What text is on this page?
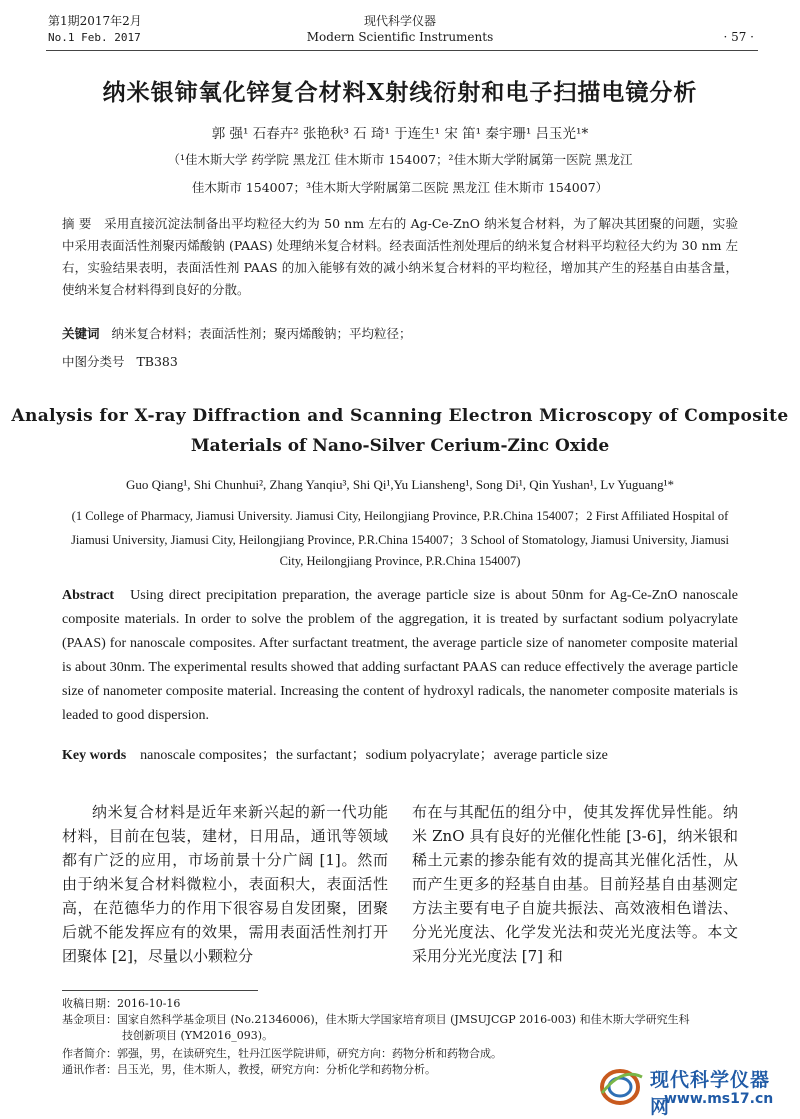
第1期2017年2月
No.1 Feb. 2017
现代科学仪器
Modern Scientific Instruments	· 57 ·
纳米银铈氧化锌复合材料X射线衍射和电子扫描电镜分析
郭 强¹ 石春卉² 张艳秋³ 石 琦¹ 于连生¹ 宋 笛¹ 秦宇珊¹ 吕玉光¹*
（¹佳木斯大学 药学院 黑龙江 佳木斯市 154007；²佳木斯大学附属第一医院 黑龙江
佳木斯市 154007；³佳木斯大学附属第二医院 黑龙江 佳木斯市 154007）
摘 要 采用直接沉淀法制备出平均粒径大约为 50 nm 左右的 Ag-Ce-ZnO 纳米复合材料，为了解决其团聚的问题，实验中采用表面活性剂聚丙烯酸钠 (PAAS) 处理纳米复合材料。经表面活性剂处理后的纳米复合材料平均粒径大约为 30 nm 左右，实验结果表明，表面活性剂 PAAS 的加入能够有效的减小纳米复合材料的平均粒径，增加其产生的羟基自由基含量，使纳米复合材料得到良好的分散。
关键词 纳米复合材料；表面活性剂；聚丙烯酸钠；平均粒径；
中图分类号 TB383
Analysis for X-ray Diffraction and Scanning Electron Microscopy of Composite
Materials of Nano-Silver Cerium-Zinc Oxide
Guo Qiang¹, Shi Chunhui², Zhang Yanqiu³, Shi Qi¹,Yu Liansheng¹, Song Di¹, Qin Yushan¹, Lv Yuguang¹*
(1 College of Pharmacy, Jiamusi University. Jiamusi City, Heilongjiang Province, P.R.China 154007；2 First Affiliated Hospital of
Jiamusi University, Jiamusi City, Heilongjiang Province, P.R.China 154007；3 School of Stomatology, Jiamusi University, Jiamusi
City, Heilongjiang Province, P.R.China 154007)
Abstract Using direct precipitation preparation, the average particle size is about 50nm for Ag-Ce-ZnO nanoscale composite materials. In order to solve the problem of the aggregation, it is treated by surfactant sodium polyacrylate (PAAS) for nanoscale composites. After surfactant treatment, the average particle size of nanometer composite material is about 30nm. The experimental results showed that adding surfactant PAAS can reduce effectively the average particle size of nanometer composite material. Increasing the content of hydroxyl radicals, the nanometer composite materials is leaded to good dispersion.
Key words nanoscale composites；the surfactant；sodium polyacrylate；average particle size
纳米复合材料是近年来新兴起的新一代功能材料，目前在包装，建材，日用品，通讯等领域都有广泛的应用，市场前景十分广阔 [1]。然而由于纳米复合材料微粒小，表面积大，表面活性高，在范德华力的作用下很容易自发团聚，团聚后就不能发挥应有的效果，需用表面活性剂打开团聚体 [2]，尽量以小颗粒分
布在与其配伍的组分中，使其发挥优异性能。纳米 ZnO 具有良好的光催化性能 [3-6]，纳米银和稀土元素的掺杂能有效的提高其光催化活性，从而产生更多的羟基自由基。目前羟基自由基测定方法主要有电子自旋共振法、高效液相色谱法、分光光度法、化学发光法和荧光光度法等。本文采用分光光度法 [7] 和
收稿日期：2016-10-16
基金项目：国家自然科学基金项目 (No.21346006)，佳木斯大学国家培育项目 (JMSUJCGP 2016-003) 和佳木斯大学研究生科
技创新项目 (YM2016_093)。
作者简介：郭强，男，在读研究生，牡丹江医学院讲师，研究方向：药物分析和药物合成。
通讯作者：吕玉光，男，佳木斯人，教授，研究方向：分析化学和药物分析。	现代科学仪器网
www.ms17.cn
